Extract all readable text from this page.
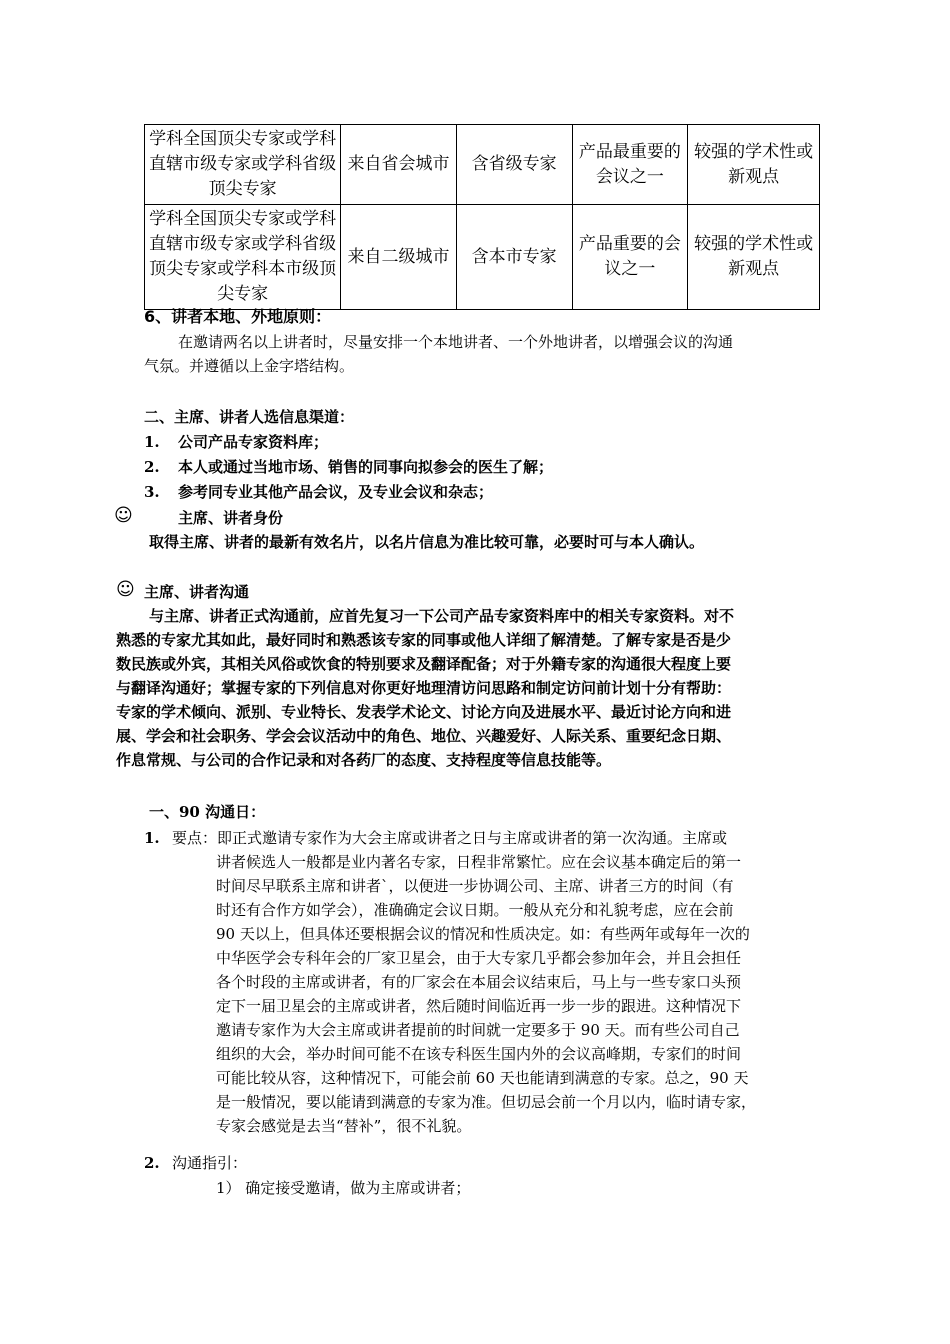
学科全国顶尖专家或学科直辖市级专家或学科省级顶尖专家	来自省会城市	含省级专家	产品最重要的会议之一	较强的学术性或新观点
学科全国顶尖专家或学科直辖市级专家或学科省级顶尖专家或学科本市级顶尖专家	来自二级城市	含本市专家	产品重要的会议之一	较强的学术性或新观点
6、讲者本地、外地原则：
在邀请两名以上讲者时，尽量安排一个本地讲者、一个外地讲者，以增强会议的沟通
气氛。并遵循以上金字塔结构。
二、主席、讲者人选信息渠道：
1. 公司产品专家资料库；
2. 本人或通过当地市场、销售的同事向拟参会的医生了解；
3. 参考同专业其他产品会议，及专业会议和杂志；
☺	主席、讲者身份
取得主席、讲者的最新有效名片，以名片信息为准比较可靠，必要时可与本人确认。
☺ 主席、讲者沟通
与主席、讲者正式沟通前，应首先复习一下公司产品专家资料库中的相关专家资料。对不
熟悉的专家尤其如此，最好同时和熟悉该专家的同事或他人详细了解清楚。了解专家是否是少
数民族或外宾，其相关风俗或饮食的特别要求及翻译配备；对于外籍专家的沟通很大程度上要
与翻译沟通好；掌握专家的下列信息对你更好地理清访问思路和制定访问前计划十分有帮助：
专家的学术倾向、派别、专业特长、发表学术论文、讨论方向及进展水平、最近讨论方向和进
展、学会和社会职务、学会会议活动中的角色、地位、兴趣爱好、人际关系、重要纪念日期、
作息常规、与公司的合作记录和对各药厂的态度、支持程度等信息技能等。
一、90 沟通日：
1. 要点：即正式邀请专家作为大会主席或讲者之日与主席或讲者的第一次沟通。主席或
讲者候选人一般都是业内著名专家，日程非常繁忙。应在会议基本确定后的第一
时间尽早联系主席和讲者`，以便进一步协调公司、主席、讲者三方的时间（有
时还有合作方如学会），准确确定会议日期。一般从充分和礼貌考虑，应在会前
90 天以上，但具体还要根据会议的情况和性质决定。如：有些两年或每年一次的
中华医学会专科年会的厂家卫星会，由于大专家几乎都会参加年会，并且会担任
各个时段的主席或讲者，有的厂家会在本届会议结束后，马上与一些专家口头预
定下一届卫星会的主席或讲者，然后随时间临近再一步一步的跟进。这种情况下
邀请专家作为大会主席或讲者提前的时间就一定要多于 90 天。而有些公司自己
组织的大会，举办时间可能不在该专科医生国内外的会议高峰期，专家们的时间
可能比较从容，这种情况下，可能会前 60 天也能请到满意的专家。总之，90 天
是一般情况，要以能请到满意的专家为准。但切忌会前一个月以内，临时请专家，
专家会感觉是去当“替补”，很不礼貌。
2. 沟通指引：
1） 确定接受邀请，做为主席或讲者；
